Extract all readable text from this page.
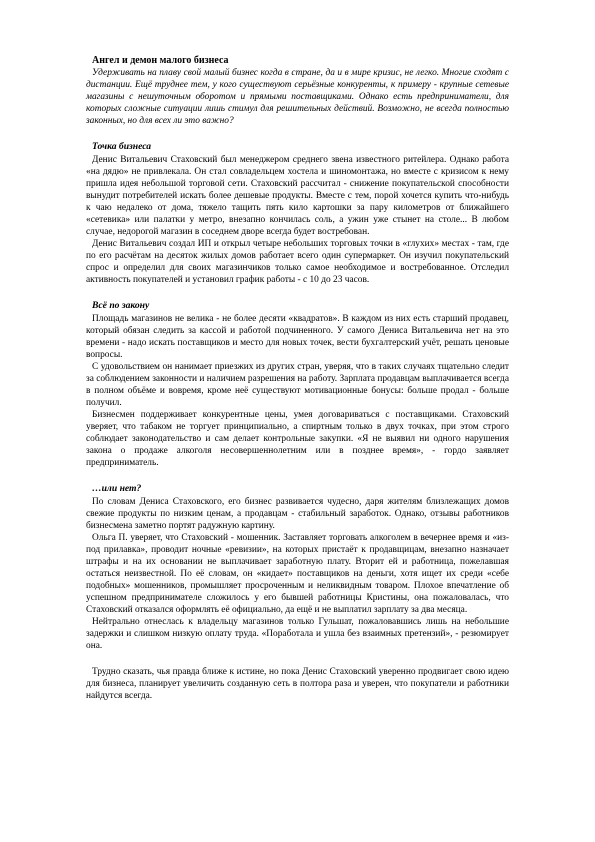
Ангел и демон малого бизнеса

Удерживать на плаву свой малый бизнес когда в стране, да и в мире кризис, не легко. Многие сходят с дистанции. Ещё труднее тем, у кого существуют серьёзные конкуренты, к примеру - крупные сетевые магазины с нешуточным оборотом и прямыми поставщиками. Однако есть предприниматели, для которых сложные ситуации лишь стимул для решительных действий. Возможно, не всегда полностью законных, но для всех ли это важно?

Точка бизнеса

Денис Витальевич Стаховский был менеджером среднего звена известного ритейлера. Однако работа «на дядю» не привлекала. Он стал совладельцем хостела и шиномонтажа, но вместе с кризисом к нему пришла идея небольшой торговой сети. Стаховский рассчитал - снижение покупательской способности вынудит потребителей искать более дешевые продукты. Вместе с тем, порой хочется купить что-нибудь к чаю недалеко от дома, тяжело тащить пять кило картошки за пару километров от ближайшего «сетевика» или палатки у метро, внезапно кончилась соль, а ужин уже стынет на столе... В любом случае, недорогой магазин в соседнем дворе всегда будет востребован.

Денис Витальевич создал ИП и открыл четыре небольших торговых точки в «глухих» местах - там, где по его расчётам на десяток жилых домов работает всего один супермаркет. Он изучил покупательский спрос и определил для своих магазинчиков только самое необходимое и востребованное. Отследил активность покупателей и установил график работы - с 10 до 23 часов.

Всё по закону

Площадь магазинов не велика - не более десяти «квадратов». В каждом из них есть старший продавец, который обязан следить за кассой и работой подчиненного. У самого Дениса Витальевича нет на это времени - надо искать поставщиков и место для новых точек, вести бухгалтерский учёт, решать ценовые вопросы.

С удовольствием он нанимает приезжих из других стран, уверяя, что в таких случаях тщательно следит за соблюдением законности и наличием разрешения на работу. Зарплата продавцам выплачивается всегда в полном объёме и вовремя, кроме неё существуют мотивационные бонусы: больше продал - больше получил.

Бизнесмен поддерживает конкурентные цены, умея договариваться с поставщиками. Стаховский уверяет, что табаком не торгует принципиально, а спиртным только в двух точках, при этом строго соблюдает законодательство и сам делает контрольные закупки. «Я не выявил ни одного нарушения закона о продаже алкоголя несовершеннолетним или в позднее время», - гордо заявляет предприниматель.

…или нет?

По словам Дениса Стаховского, его бизнес развивается чудесно, даря жителям близлежащих домов свежие продукты по низким ценам, а продавцам - стабильный заработок. Однако, отзывы работников бизнесмена заметно портят радужную картину.

Ольга П. уверяет, что Стаховский - мошенник. Заставляет торговать алкоголем в вечернее время и «из-под прилавка», проводит ночные «ревизии», на которых пристаёт к продавщицам, внезапно назначает штрафы и на их основании не выплачивает заработную плату. Вторит ей и работница, пожелавшая остаться неизвестной. По её словам, он «кидает» поставщиков на деньги, хотя ищет их среди «себе подобных» мошенников, промышляет просроченным и неликвидным товаром. Плохое впечатление об успешном предпринимателе сложилось у его бывшей работницы Кристины, она пожаловалась, что Стаховский отказался оформлять её официально, да ещё и не выплатил зарплату за два месяца.

Нейтрально отнеслась к владельцу магазинов только Гульшат, пожаловавшись лишь на небольшие задержки и слишком низкую оплату труда. «Поработала и ушла без взаимных претензий», - резюмирует она.

Трудно сказать, чья правда ближе к истине, но пока Денис Стаховский уверенно продвигает свою идею для бизнеса, планирует увеличить созданную сеть в полтора раза и уверен, что покупатели и работники найдутся всегда.
